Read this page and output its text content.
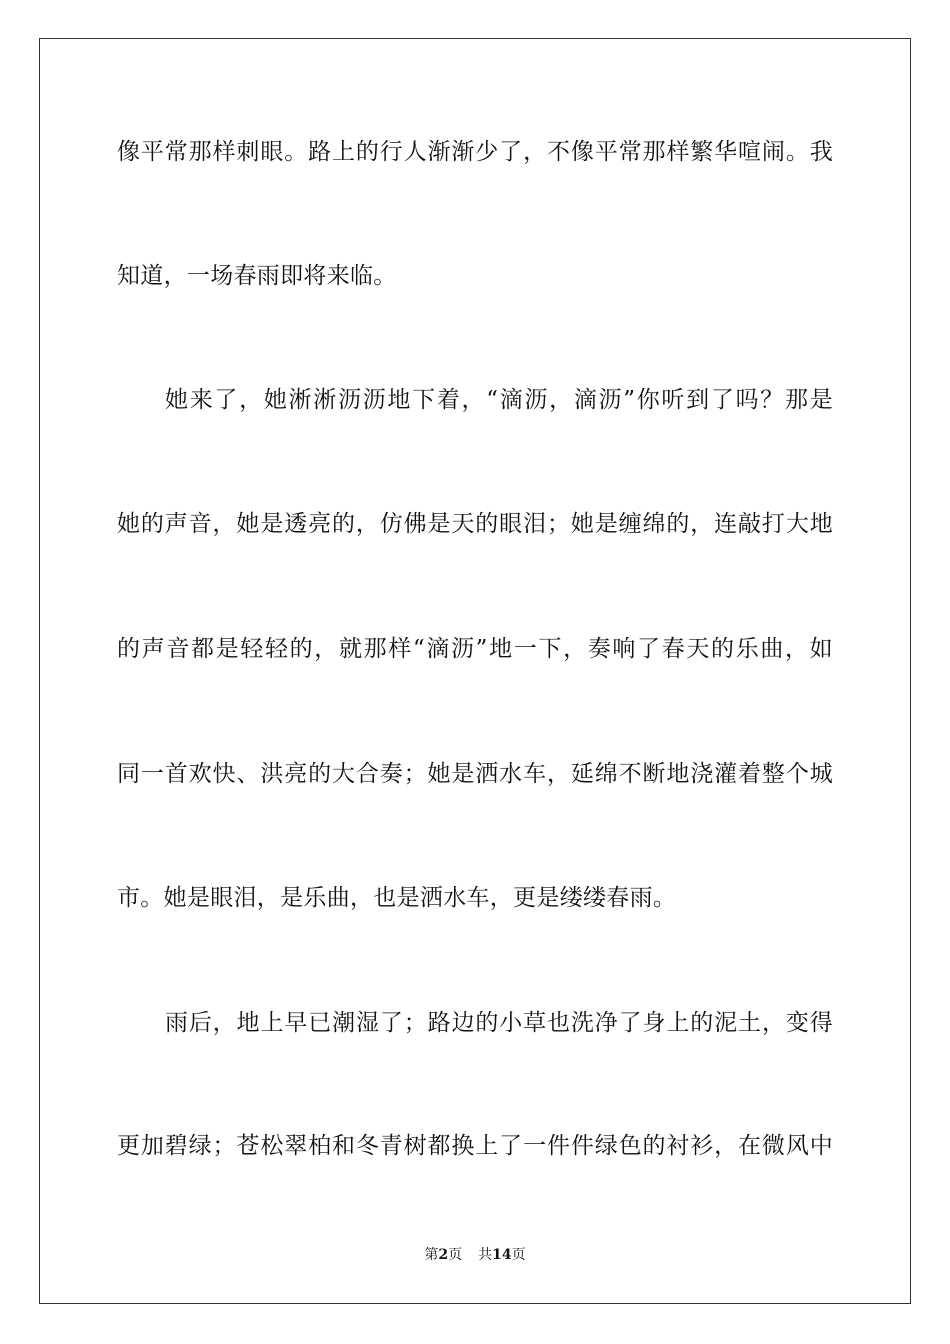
像平常那样刺眼。路上的行人渐渐少了，不像平常那样繁华喧闹。我
知道，一场春雨即将来临。
她来了，她淅淅沥沥地下着，“滴沥，滴沥”你听到了吗？那是
她的声音，她是透亮的，仿佛是天的眼泪；她是缠绵的，连敲打大地
的声音都是轻轻的，就那样“滴沥”地一下，奏响了春天的乐曲，如
同一首欢快、洪亮的大合奏；她是洒水车，延绵不断地浇灌着整个城
市。她是眼泪，是乐曲，也是洒水车，更是缕缕春雨。
雨后，地上早已潮湿了；路边的小草也洗净了身上的泥土，变得
更加碧绿；苍松翠柏和冬青树都换上了一件件绿色的衬衫，在微风中
第2页 共14页
